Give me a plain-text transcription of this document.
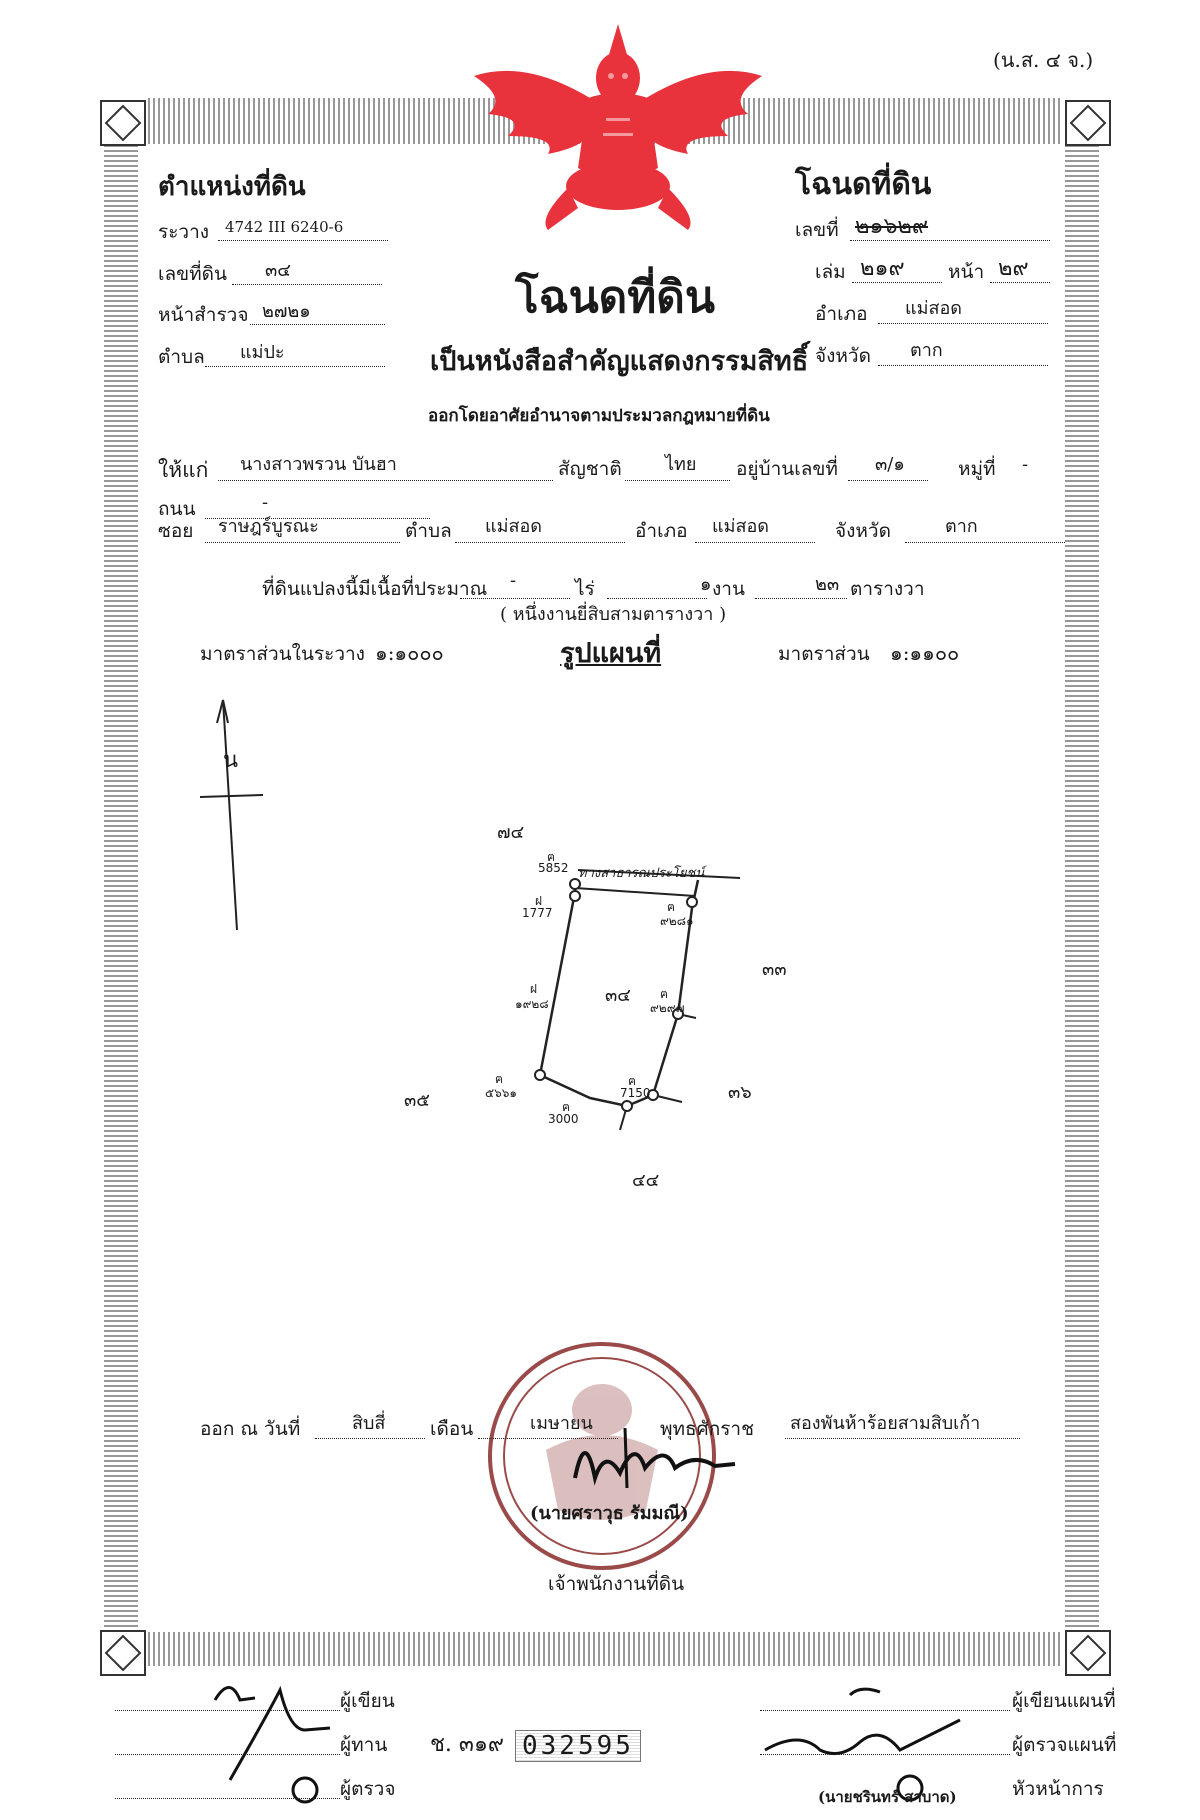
(น.ส. ๔ จ.)
ตำแหน่งที่ดิน
ระวาง 4742 III 6240-6
เลขที่ดิน ๓๔
หน้าสำรวจ ๒๗๒๑
ตำบล แม่ปะ
โฉนดที่ดิน
เลขที่ ๒๑๖๒๙
เล่ม ๒๑๙ หน้า ๒๙
อำเภอ แม่สอด
จังหวัด ตาก
โฉนดที่ดิน
เป็นหนังสือสำคัญแสดงกรรมสิทธิ์
ออกโดยอาศัยอำนาจตามประมวลกฎหมายที่ดิน
ให้แก่ นางสาวพรวน บันฮา	สัญชาติ ไทย อยู่บ้านเลขที่ ๓/๑	หมู่ที่ -
ถนน	-
ซอย ราษฎร์บูรณะ	ตำบล แม่สอด	อำเภอ แม่สอด	จังหวัด	ตาก
ที่ดินแปลงนี้มีเนื้อที่ประมาณ -	ไร่	๑ งาน	๒๓ ตารางวา
( หนึ่งงานยี่สิบสามตารางวา )
มาตราส่วนในระวาง ๑:๑๐๐๐	รูปแผนที่	มาตราส่วน ๑:๑๑๐๐
น
ทางสาธารณประโยชน์
๓๔
๗๔
๓๓
๓๖
๓๕
๔๔
ฅ
5852
ฝ
1777	ฅ
๙๒๘๑
ฝ
๑๙๒๘
ฅ
๙๒๙๗
ฅ
๕๖๖๑
ฅ
7150
ฅ
3000
ออก ณ วันที่	สิบสี่ เดือน	เมษายน	พุทธศักราช สองพันห้าร้อยสามสิบเก้า
(นายศราวุธ รัมมณี)
เจ้าพนักงานที่ดิน
ผู้เขียน
ผู้ทาน
ผู้ตรวจ
ช. ๓๑๙ 032595
ผู้เขียนแผนที่
ผู้ตรวจแผนที่
หัวหน้าการ
(นายชรินทร์ สาบาด)
